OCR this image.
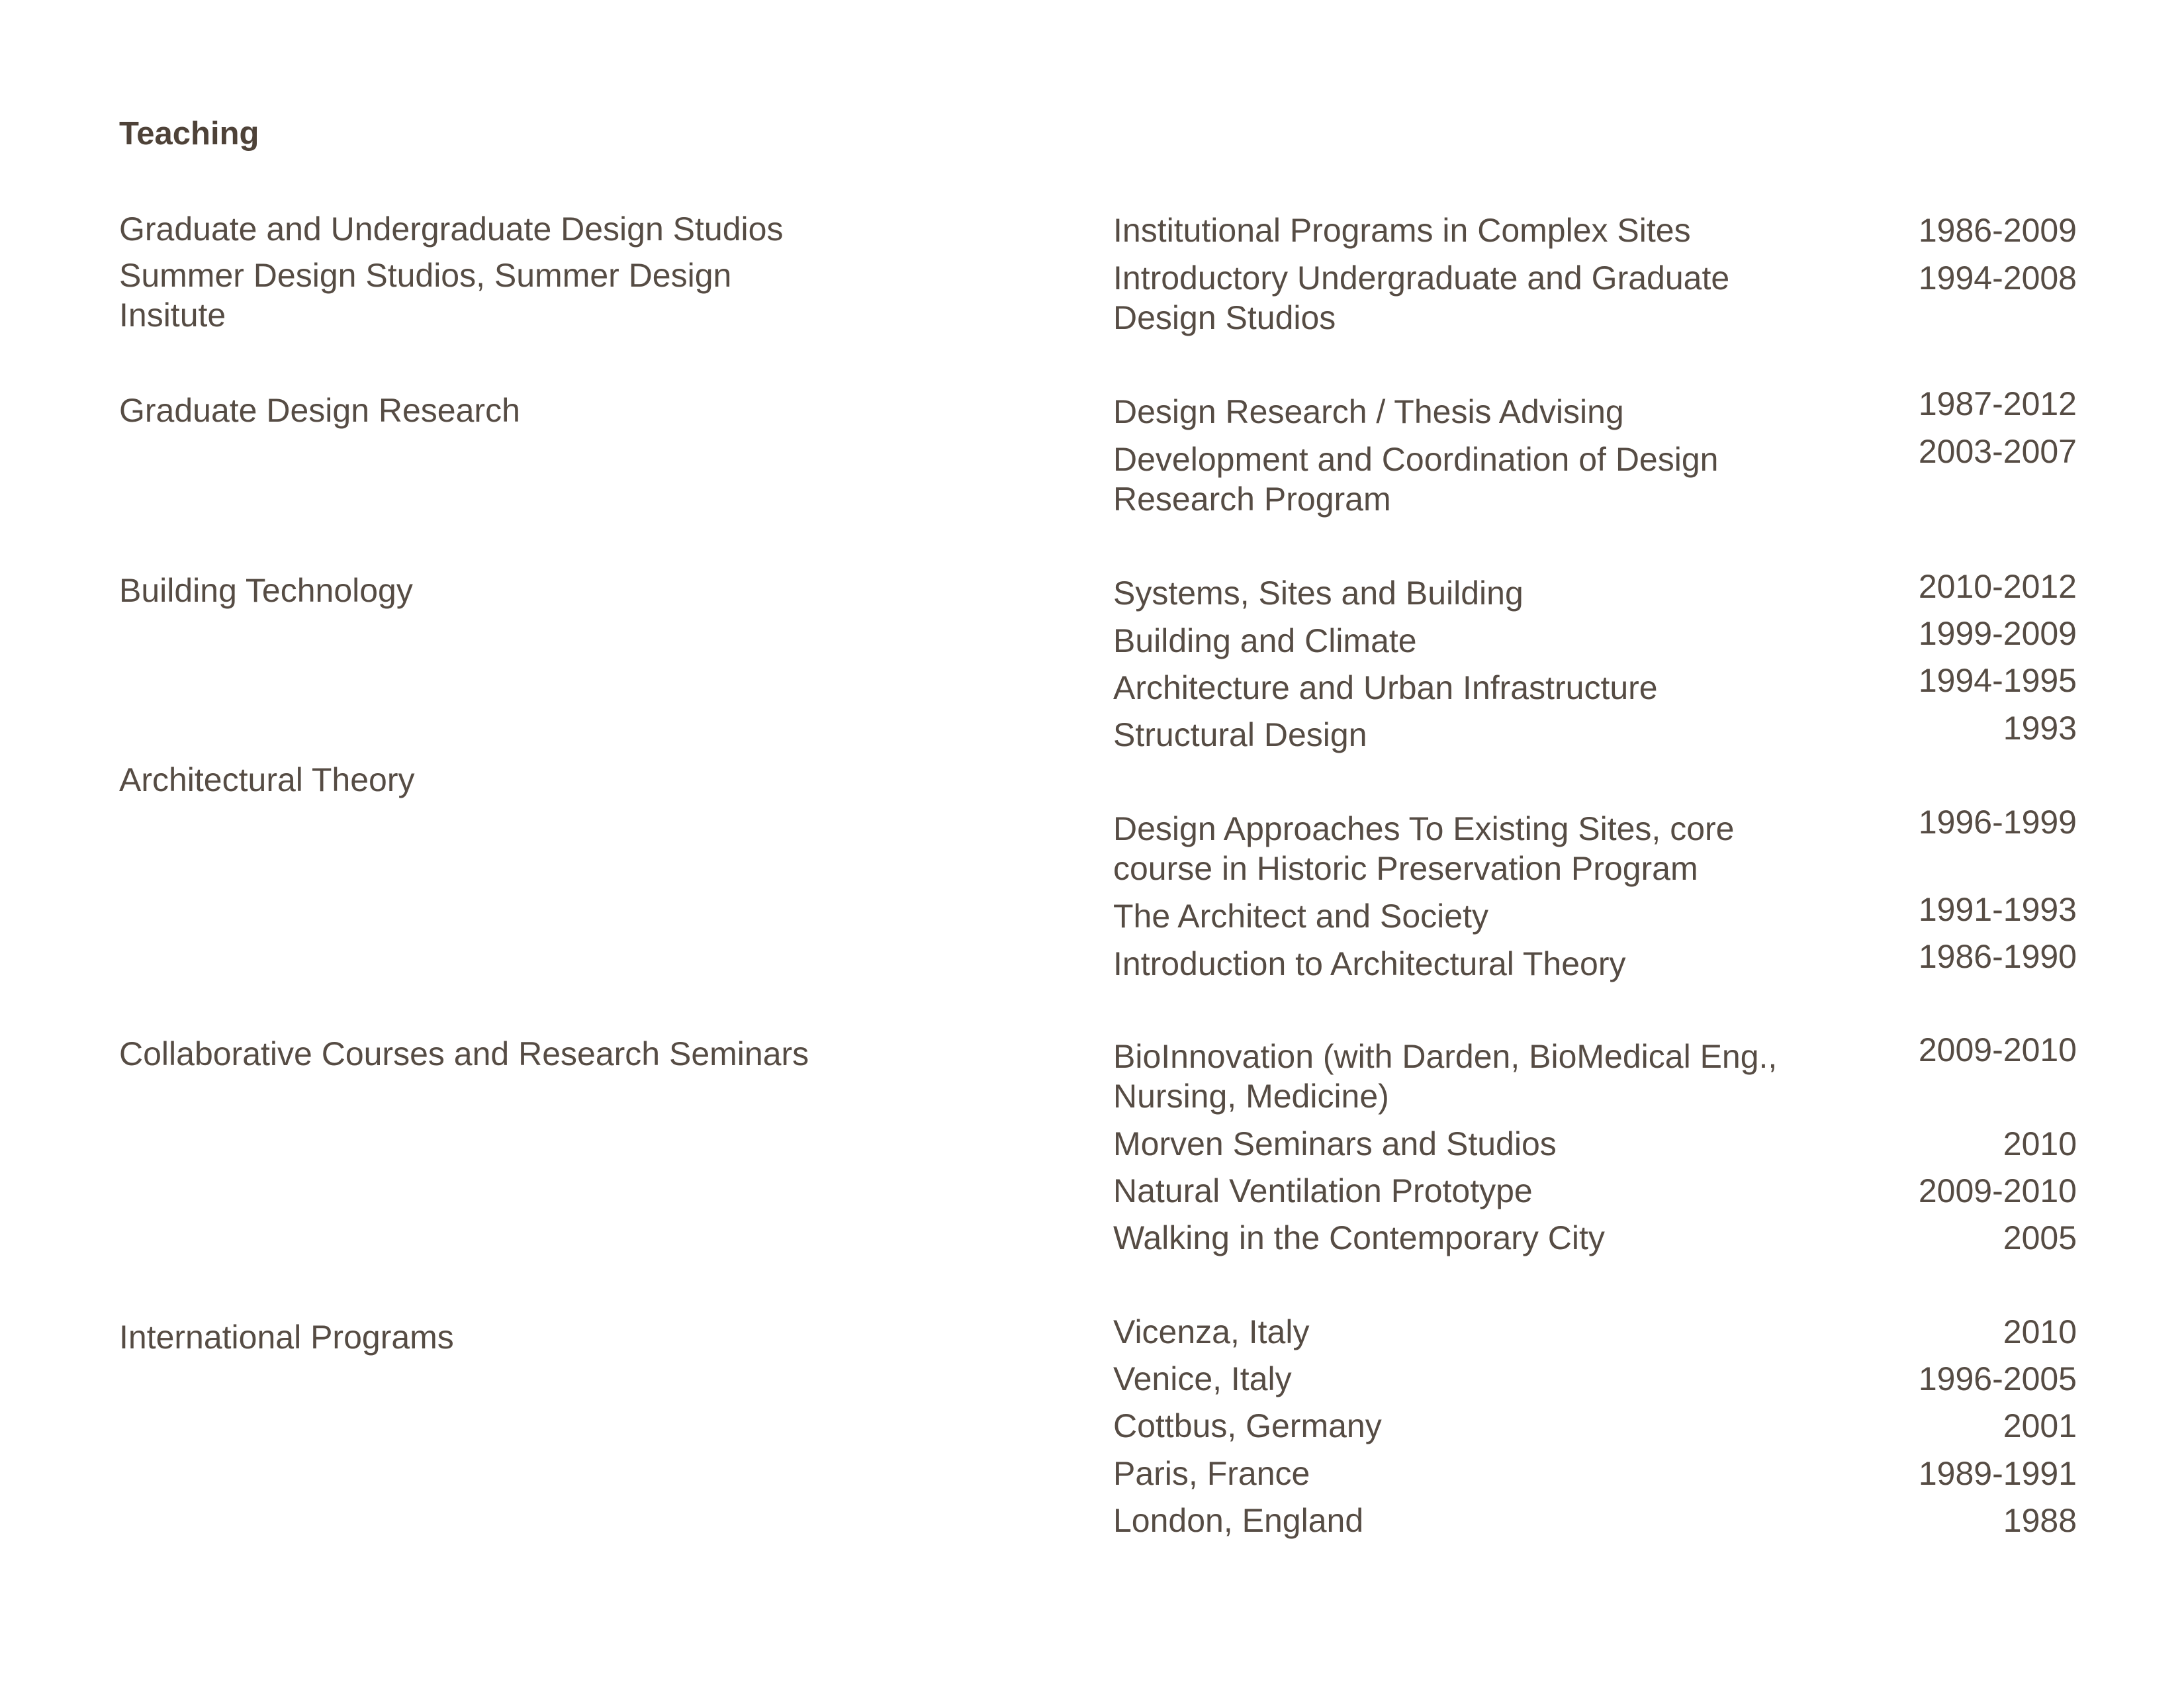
Teaching
Graduate and Undergraduate Design Studios
Summer Design Studios, Summer Design
Insitute
Graduate Design Research
Building Technology
Architectural Theory
Collaborative Courses and Research Seminars
International Programs
Institutional Programs in Complex Sites
Introductory Undergraduate and Graduate
Design Studios
Design Research / Thesis Advising
Development and Coordination of Design
Research Program
Systems, Sites and Building
Building and Climate
Architecture and Urban Infrastructure
Structural Design
Design Approaches To Existing Sites, core
course in Historic Preservation Program
The Architect and Society
Introduction to Architectural Theory
BioInnovation (with Darden, BioMedical Eng.,
Nursing, Medicine)
Morven Seminars and Studios
Natural Ventilation Prototype
Walking in the Contemporary City
Vicenza, Italy
Venice, Italy
Cottbus, Germany
Paris, France
London, England
1986-2009
1994-2008
1987-2012
2003-2007
2010-2012
1999-2009
1994-1995
1993
1996-1999
1991-1993
1986-1990
2009-2010
2010
2009-2010
2005
2010
1996-2005
2001
1989-1991
1988
